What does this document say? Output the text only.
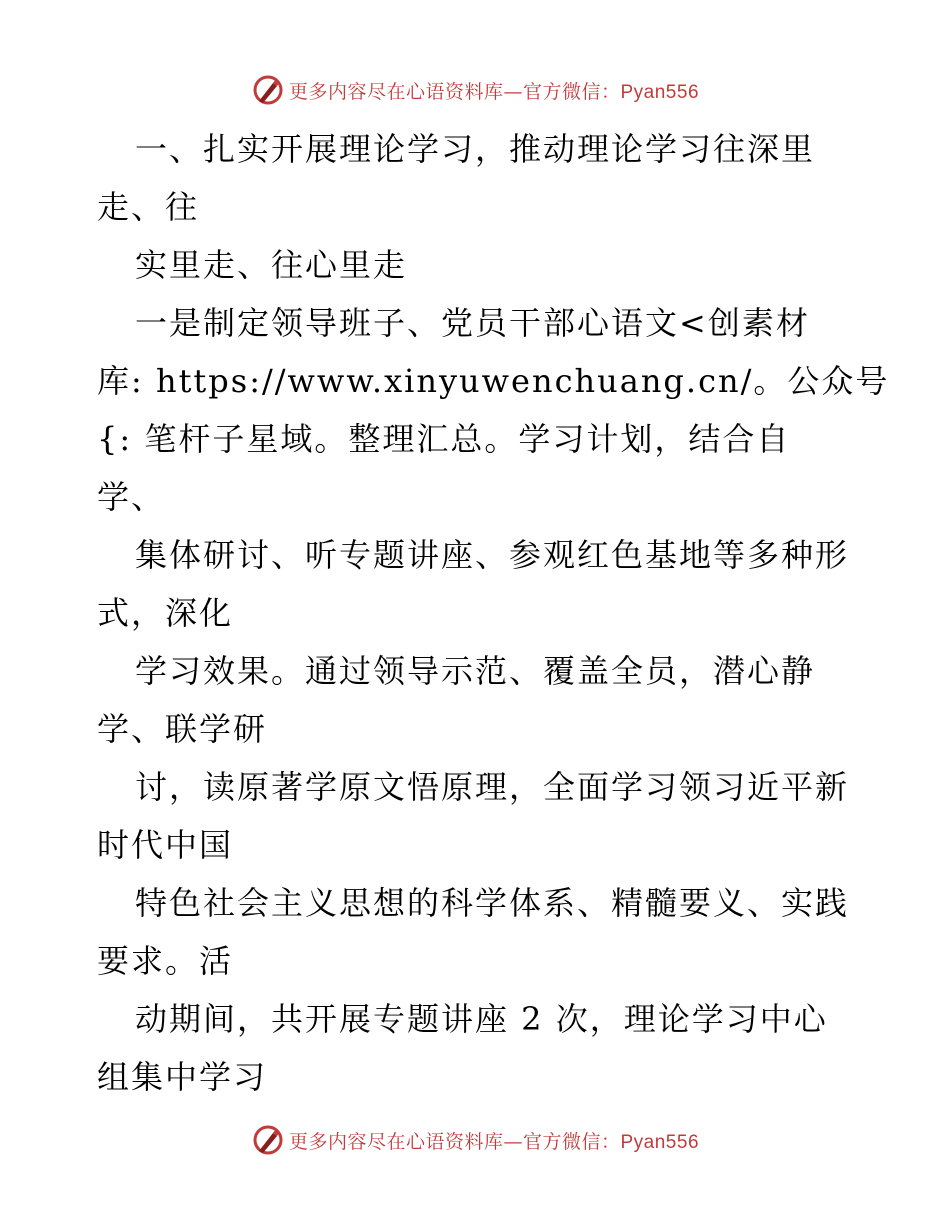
更多内容尽在心语资料库—官方微信：Pyan556
一、扎实开展理论学习，推动理论学习往深里
走、往
实里走、往心里走
一是制定领导班子、党员干部心语文<创素材
库: https://www.xinyuwenchuang.cn/。公众号
{: 笔杆子星域。整理汇总。学习计划，结合自
学、
集体研讨、听专题讲座、参观红色基地等多种形
式，深化
学习效果。通过领导示范、覆盖全员，潜心静
学、联学研
讨，读原著学原文悟原理，全面学习领习近平新
时代中国
特色社会主义思想的科学体系、精髓要义、实践
要求。活
动期间，共开展专题讲座 2 次，理论学习中心
组集中学习
更多内容尽在心语资料库—官方微信：Pyan556
